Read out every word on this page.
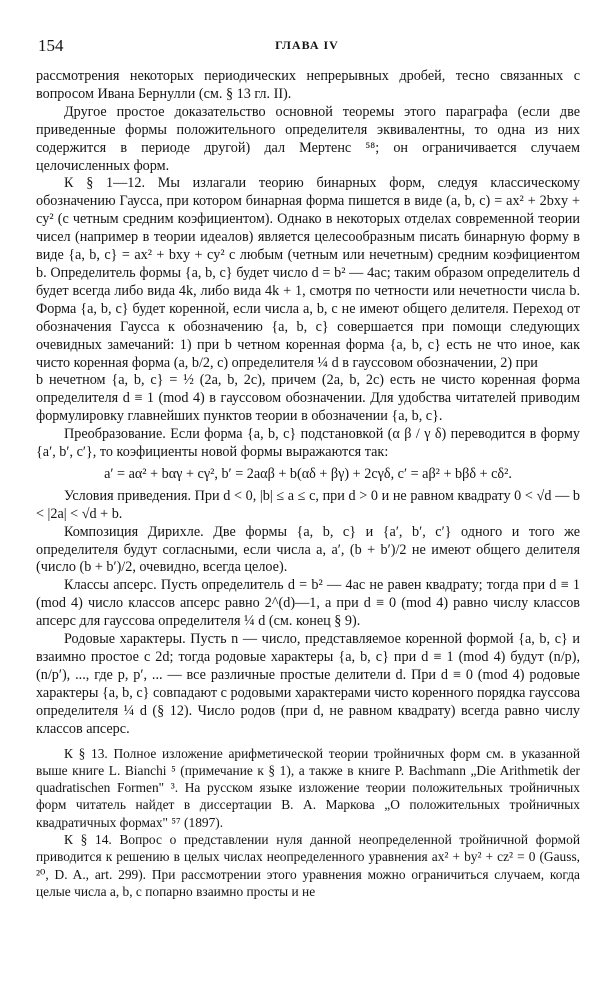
154	ГЛАВА IV

рассмотрения некоторых периодических непрерывных дробей, тесно связанных с вопросом Ивана Бернулли (см. § 13 гл. II).

Другое простое доказательство основной теоремы этого параграфа (если две приведенные формы положительного определителя эквивалентны, то одна из них содержится в периоде другой) дал Мертенс ⁵⁸; он ограничивается случаем целочисленных форм.

К § 1—12. Мы излагали теорию бинарных форм, следуя классическому обозначению Гаусса, при котором бинарная форма пишется в виде (a, b, c) = ax² + 2bxy + cy² (с четным средним коэфициентом). Однако в некоторых отделах современной теории чисел (например в теории идеалов) является целесообразным писать бинарную форму в виде {a, b, c} = ax² + bxy + cy² с любым (четным или нечетным) средним коэфициентом b. Определитель формы {a, b, c} будет число d = b² — 4ac; таким образом определитель d будет всегда либо вида 4k, либо вида 4k + 1, смотря по четности или нечетности числа b. Форма {a, b, c} будет коренной, если числа a, b, c не имеют общего делителя. Переход от обозначения Гаусса к обозначению {a, b, c} совершается при помощи следующих очевидных замечаний: 1) при b четном коренная форма {a, b, c} есть не что иное, как чисто коренная форма (a, b/2, c) определителя ¼ d в гауссовом обозначении, 2) при

b нечетном {a, b, c} = ½ (2a, b, 2c), причем (2a, b, 2c) есть не чисто коренная форма определителя d ≡ 1 (mod 4) в гауссовом обозначении. Для удобства читателей приводим формулировку главнейших пунктов теории в обозначении {a, b, c}.

Преобразование. Если форма {a, b, c} подстановкой (α β / γ δ) переводится в форму {a′, b′, c′}, то коэфициенты новой формы выражаются так:

a′ = aα² + bαγ + cγ², b′ = 2aαβ + b(αδ + βγ) + 2cγδ, c′ = aβ² + bβδ + cδ².

Условия приведения. При d < 0, |b| ≤ a ≤ c, при d > 0 и не равном квадрату 0 < √d — b < |2a| < √d + b.

Композиция Дирихле. Две формы {a, b, c} и {a′, b′, c′} одного и того же определителя будут согласными, если числа a, a′, (b + b′)/2 не имеют общего делителя (число (b + b′)/2, очевидно, всегда целое).

Классы апсерс. Пусть определитель d = b² — 4ac не равен квадрату; тогда при d ≡ 1 (mod 4) число классов апсерс равно 2^(d)—1, а при d ≡ 0 (mod 4) равно числу классов апсерс для гауссова определителя ¼ d (см. конец § 9).

Родовые характеры. Пусть n — число, представляемое коренной формой {a, b, c} и взаимно простое с 2d; тогда родовые характеры {a, b, c} при d ≡ 1 (mod 4) будут (n/p), (n/p′), ..., где p, p′, ... — все различные простые делители d. При d ≡ 0 (mod 4) родовые характеры {a, b, c} совпадают с родовыми характерами чисто коренного порядка гауссова определителя ¼ d (§ 12). Число родов (при d, не равном квадрату) всегда равно числу классов апсерс.

К § 13. Полное изложение арифметической теории тройничных форм см. в указанной выше книге L. Bianchi ⁵ (примечание к § 1), а также в книге P. Bachmann „Die Arithmetik der quadratischen Formen" ³. На русском языке изложение теории положительных тройничных форм читатель найдет в диссертации В. А. Маркова „О положительных тройничных квадратичных формах" ⁵⁷ (1897).

К § 14. Вопрос о представлении нуля данной неопределенной тройничной формой приводится к решению в целых числах неопределенного уравнения ax² + by² + cz² = 0 (Gauss, ²⁰, D. A., art. 299). При рассмотрении этого уравнения можно ограничиться случаем, когда целые числа a, b, c попарно взаимно просты и не
